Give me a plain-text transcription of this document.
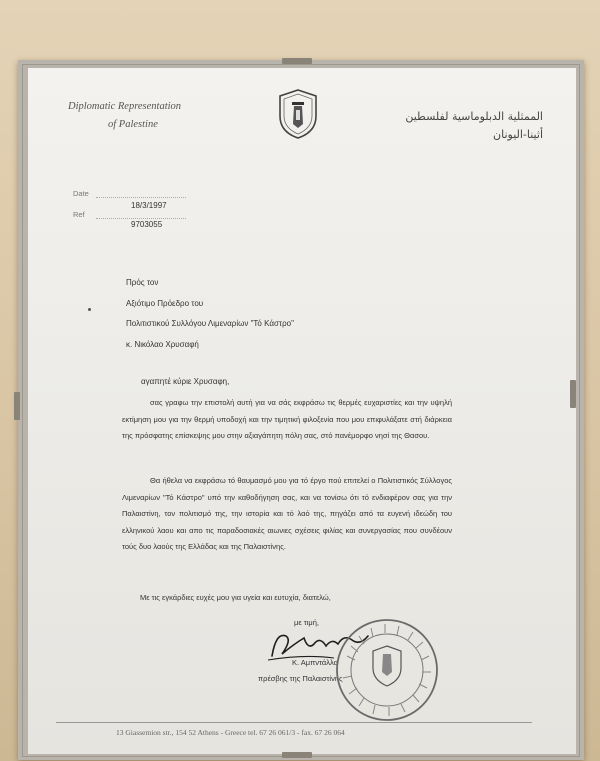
Diplomatic Representation
of Palestine
الممثلية الدبلوماسية لفلسطين
أثينا-اليونان
Date
18/3/1997
Ref
9703055
Πρός τον
Αξιότιμο Πρόεδρο του
Πολιτιστικού Συλλόγου Λιμεναρίων "Τό Κάστρο"
κ. Νικόλαο Χρυσαφή
αγαπητέ κύριε Χρυσαφη,
σας γραφω την επιστολή αυτή για να σάς εκφράσω τις θερμές ευχαριστίες και την υψηλή εκτίμηση μου για την θερμή υποδοχή και την τιμητική φιλοξενία που μου επιφυλάξατε στή διάρκεια της πρόσφατης επίσκεψης μου στην αξιαγάπητη πόλη σας, στό πανέμορφο νησί της Θασου.
Θα ήθελα να εκφράσω τό θαυμασμό μου για τό έργο πού επιτελεί ο Πολιτιστικός Σύλλογος Λιμεναρίων "Τό Κάστρο" υπό την καθοδήγηση σας, και να τονίσω ότι τό ενδιαφέρον σας για την Παλαιστίνη, τον πολιτισμό της, την ιστορία και τό λαό της, πηγάζει από τα ευγενή ιδεώδη του ελληνικού λαου και απο τις παραδοσιακές αιωνιες σχέσεις φιλίας και συνεργασίας που συνδέουν τούς δυο λαούς της Ελλάδας και της Παλαιστίνης.
Με τις εγκάρδιες ευχές μου για υγεία και ευτυχία, διατελώ,
με τιμή,
Κ. Αμπντάλλα
πρέσβης της Παλαιστίνης
13 Giassemion str., 154 52 Athens - Greece tel. 67 26 061/3 - fax. 67 26 064
